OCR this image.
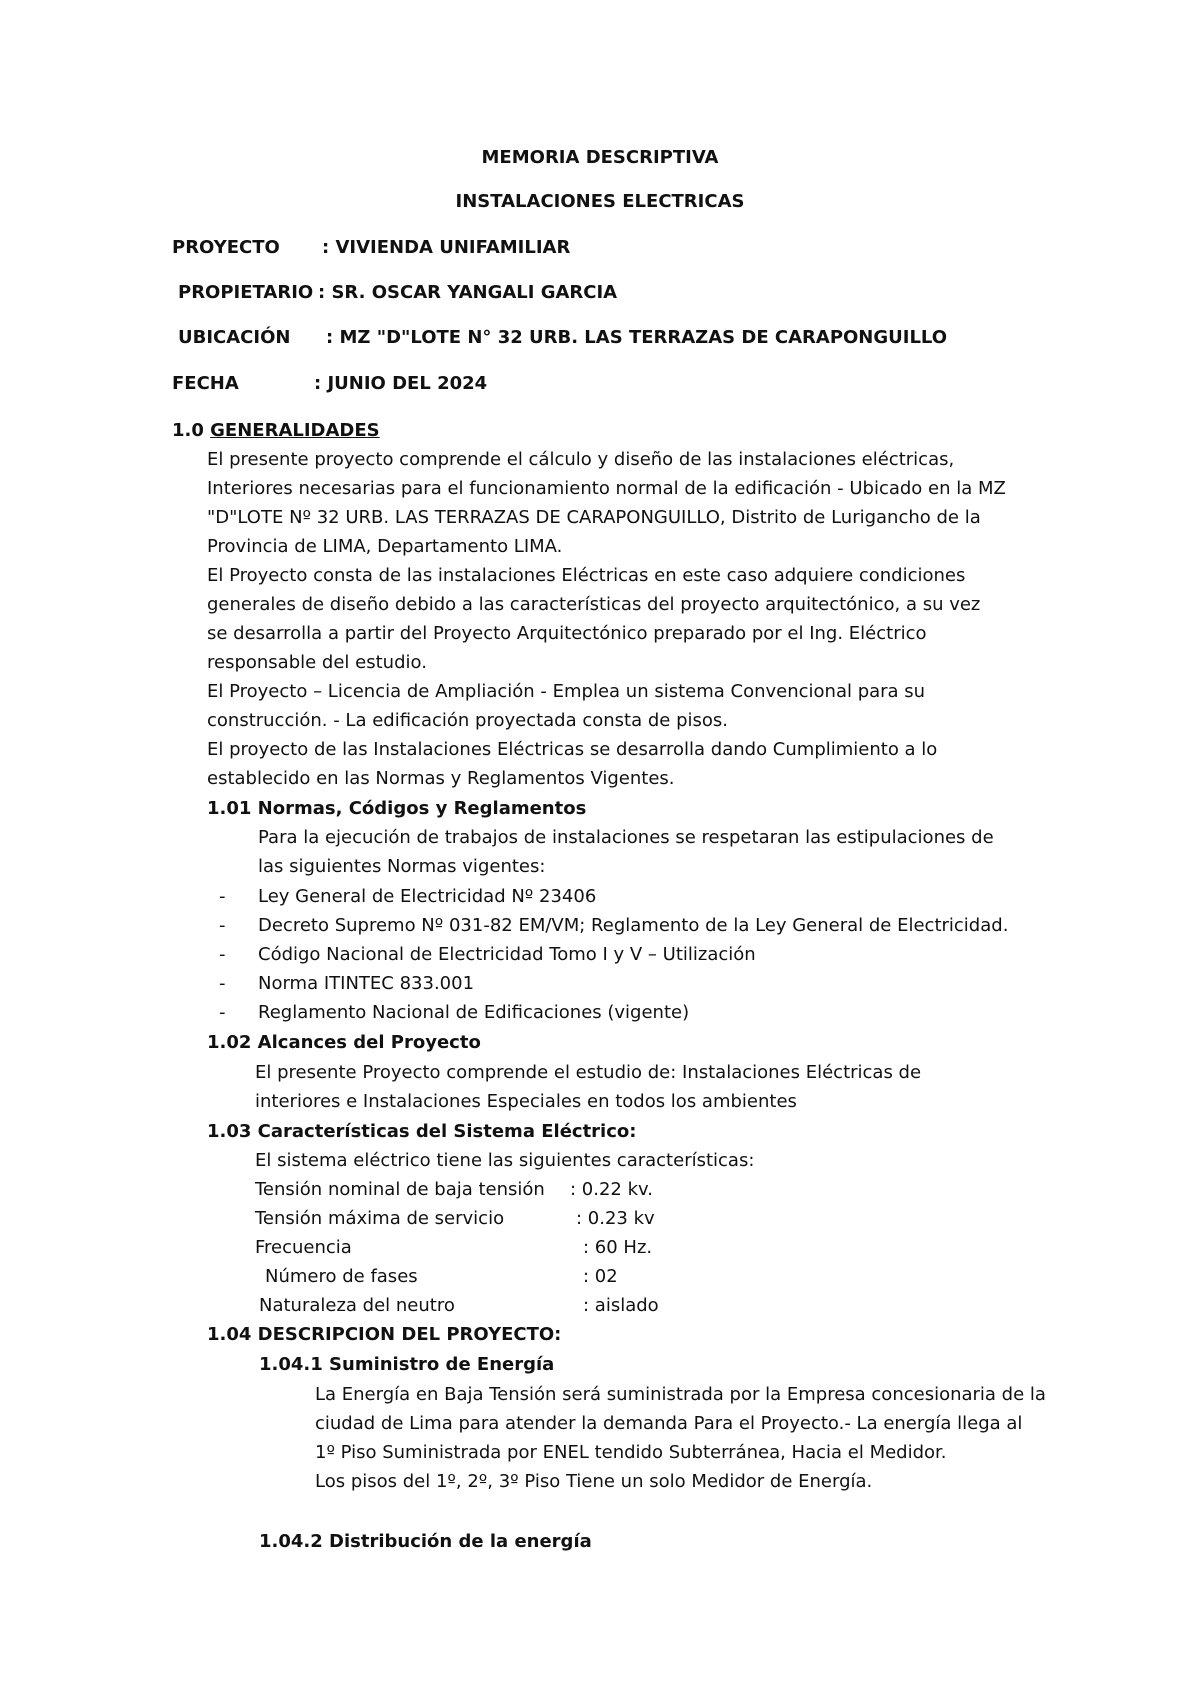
MEMORIA DESCRIPTIVA
INSTALACIONES ELECTRICAS
PROYECTO : VIVIENDA UNIFAMILIAR
PROPIETARIO : SR. OSCAR YANGALI GARCIA
UBICACIÓN : MZ "D"LOTE N° 32 URB. LAS TERRAZAS DE CARAPONGUILLO
FECHA	: JUNIO DEL 2024
1.0 GENERALIDADES
El presente proyecto comprende el cálculo y diseño de las instalaciones eléctricas,
Interiores necesarias para el funcionamiento normal de la edificación - Ubicado en la MZ
"D"LOTE Nº 32 URB. LAS TERRAZAS DE CARAPONGUILLO, Distrito de Lurigancho de la
Provincia de LIMA, Departamento LIMA.
El Proyecto consta de las instalaciones Eléctricas en este caso adquiere condiciones
generales de diseño debido a las características del proyecto arquitectónico, a su vez
se desarrolla a partir del Proyecto Arquitectónico preparado por el Ing. Eléctrico
responsable del estudio.
El Proyecto – Licencia de Ampliación - Emplea un sistema Convencional para su
construcción. - La edificación proyectada consta de pisos.
El proyecto de las Instalaciones Eléctricas se desarrolla dando Cumplimiento a lo
establecido en las Normas y Reglamentos Vigentes.
1.01 Normas, Códigos y Reglamentos
Para la ejecución de trabajos de instalaciones se respetaran las estipulaciones de
las siguientes Normas vigentes:
- Ley General de Electricidad Nº 23406
- Decreto Supremo Nº 031-82 EM/VM; Reglamento de la Ley General de Electricidad.
- Código Nacional de Electricidad Tomo I y V – Utilización
- Norma ITINTEC 833.001
- Reglamento Nacional de Edificaciones (vigente)
1.02 Alcances del Proyecto
El presente Proyecto comprende el estudio de: Instalaciones Eléctricas de
interiores e Instalaciones Especiales en todos los ambientes
1.03 Características del Sistema Eléctrico:
El sistema eléctrico tiene las siguientes características:
Tensión nominal de baja tensión : 0.22 kv.
Tensión máxima de servicio	: 0.23 kv
Frecuencia	: 60 Hz.
Número de fases	: 02
Naturaleza del neutro	: aislado
1.04 DESCRIPCION DEL PROYECTO:
1.04.1 Suministro de Energía
La Energía en Baja Tensión será suministrada por la Empresa concesionaria de la
ciudad de Lima para atender la demanda Para el Proyecto.- La energía llega al
1º Piso Suministrada por ENEL tendido Subterránea, Hacia el Medidor.
Los pisos del 1º, 2º, 3º Piso Tiene un solo Medidor de Energía.
1.04.2 Distribución de la energía
